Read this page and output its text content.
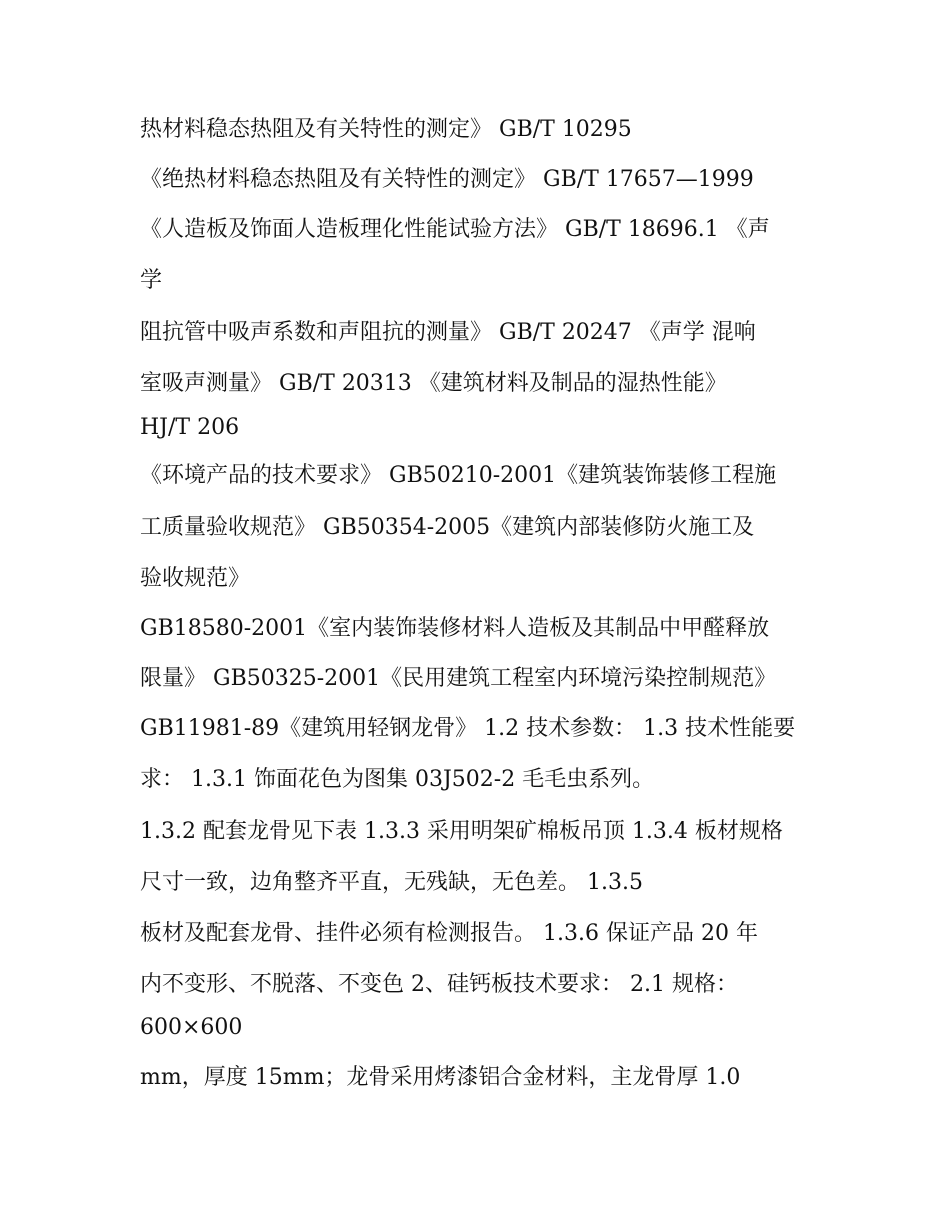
热材料稳态热阻及有关特性的测定》 GB/T 10295
《绝热材料稳态热阻及有关特性的测定》 GB/T 17657—1999
《人造板及饰面人造板理化性能试验方法》 GB/T 18696.1 《声
学
阻抗管中吸声系数和声阻抗的测量》 GB/T 20247 《声学 混响
室吸声测量》 GB/T 20313 《建筑材料及制品的湿热性能》
HJ/T 206
《环境产品的技术要求》 GB50210-2001《建筑装饰装修工程施
工质量验收规范》 GB50354-2005《建筑内部装修防火施工及
验收规范》
GB18580-2001《室内装饰装修材料人造板及其制品中甲醛释放
限量》 GB50325-2001《民用建筑工程室内环境污染控制规范》
GB11981-89《建筑用轻钢龙骨》 1.2 技术参数： 1.3 技术性能要
求： 1.3.1 饰面花色为图集 03J502-2 毛毛虫系列。
1.3.2 配套龙骨见下表 1.3.3 采用明架矿棉板吊顶 1.3.4 板材规格
尺寸一致，边角整齐平直，无残缺，无色差。 1.3.5
板材及配套龙骨、挂件必须有检测报告。 1.3.6 保证产品 20 年
内不变形、不脱落、不变色 2、硅钙板技术要求： 2.1 规格：
600×600
mm，厚度 15mm；龙骨采用烤漆铝合金材料，主龙骨厚 1.0
